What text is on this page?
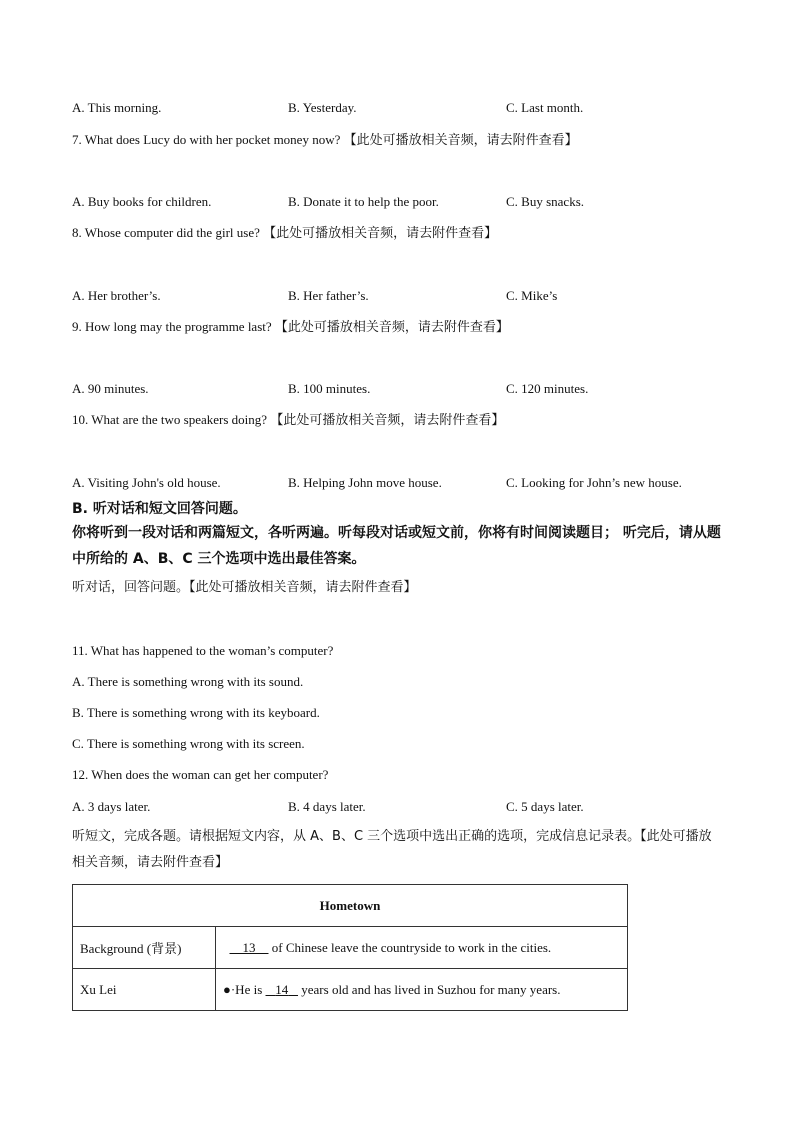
A. This morning.	B. Yesterday.	C. Last month.
7. What does Lucy do with her pocket money now? 【此处可播放相关音频，请去附件查看】
A. Buy books for children.	B. Donate it to help the poor.	C. Buy snacks.
8. Whose computer did the girl use? 【此处可播放相关音频，请去附件查看】
A. Her brother’s.	B. Her father’s.	C. Mike’s
9. How long may the programme last? 【此处可播放相关音频，请去附件查看】
A. 90 minutes.	B. 100 minutes.	C. 120 minutes.
10. What are the two speakers doing? 【此处可播放相关音频，请去附件查看】
A. Visiting John's old house.	B. Helping John move house.	C. Looking for John’s new house.
B. 听对话和短文回答问题。
你将听到一段对话和两篇短文，各听两遍。听每段对话或短文前，你将有时间阅读题目； 听完后，请从题中所给的 A、B、C 三个选项中选出最佳答案。
听对话，回答问题。【此处可播放相关音频，请去附件查看】
11. What has happened to the woman’s computer?
A. There is something wrong with its sound.
B. There is something wrong with its keyboard.
C. There is something wrong with its screen.
12. When does the woman can get her computer?
A. 3 days later.	B. 4 days later.	C. 5 days later.
听短文，完成各题。请根据短文内容，从 A、B、C 三个选项中选出正确的选项，完成信息记录表。【此处可播放相关音频，请去附件查看】
Hometown	
Background (背景)	13     of Chinese leave the countryside to work in the cities.
Xu Lei	●·He is    14    years old and has lived in Suzhou for many years.
